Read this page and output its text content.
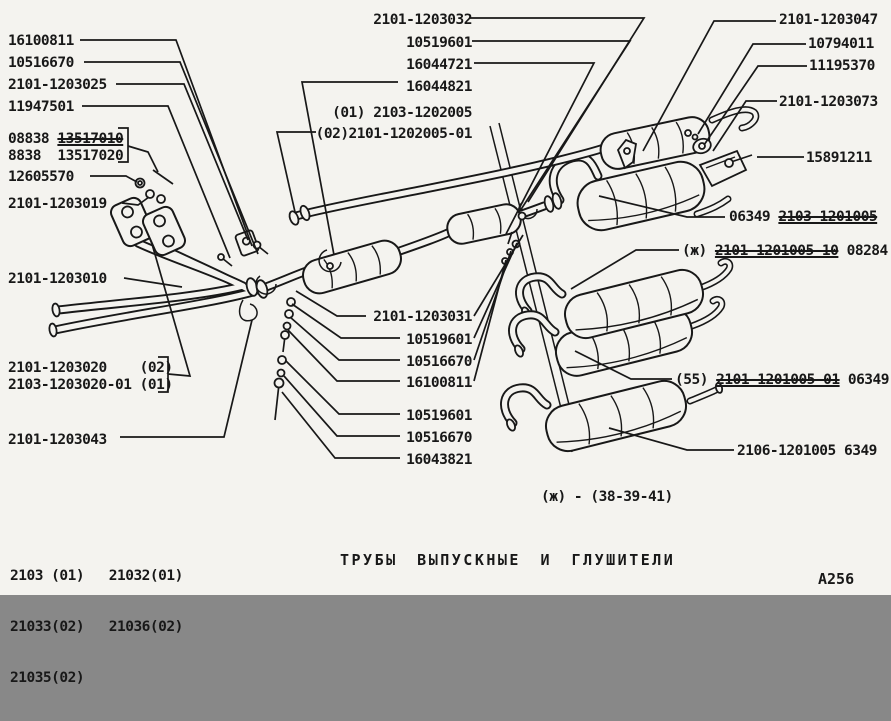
16100811
10516670
2101-1203025
11947501
08838 13517010
8838  13517020
12605570
2101-1203019
2101-1203010
2101-1203020    (02)
2103-1203020-01 (01)
2101-1203043
2101-1203032
10519601
16044721
16044821
(01) 2103-1202005
(02)2101-1202005-01
2101-1203047
10794011
11195370
2101-1203073
15891211
06349 2103-1201005
(ж) 2101-1201005-10 08284
(55) 2101-1201005-01 06349
2106-1201005 6349
2101-1203031
10519601
10516670
16100811
10519601
10516670
16043821
(ж) - (38-39-41)

2103 (01)   21032(01)

21033(02)   21036(02)

21035(02)

ТРУБЫ ВЫПУСКНЫЕ И ГЛУШИТЕЛИ
А256
